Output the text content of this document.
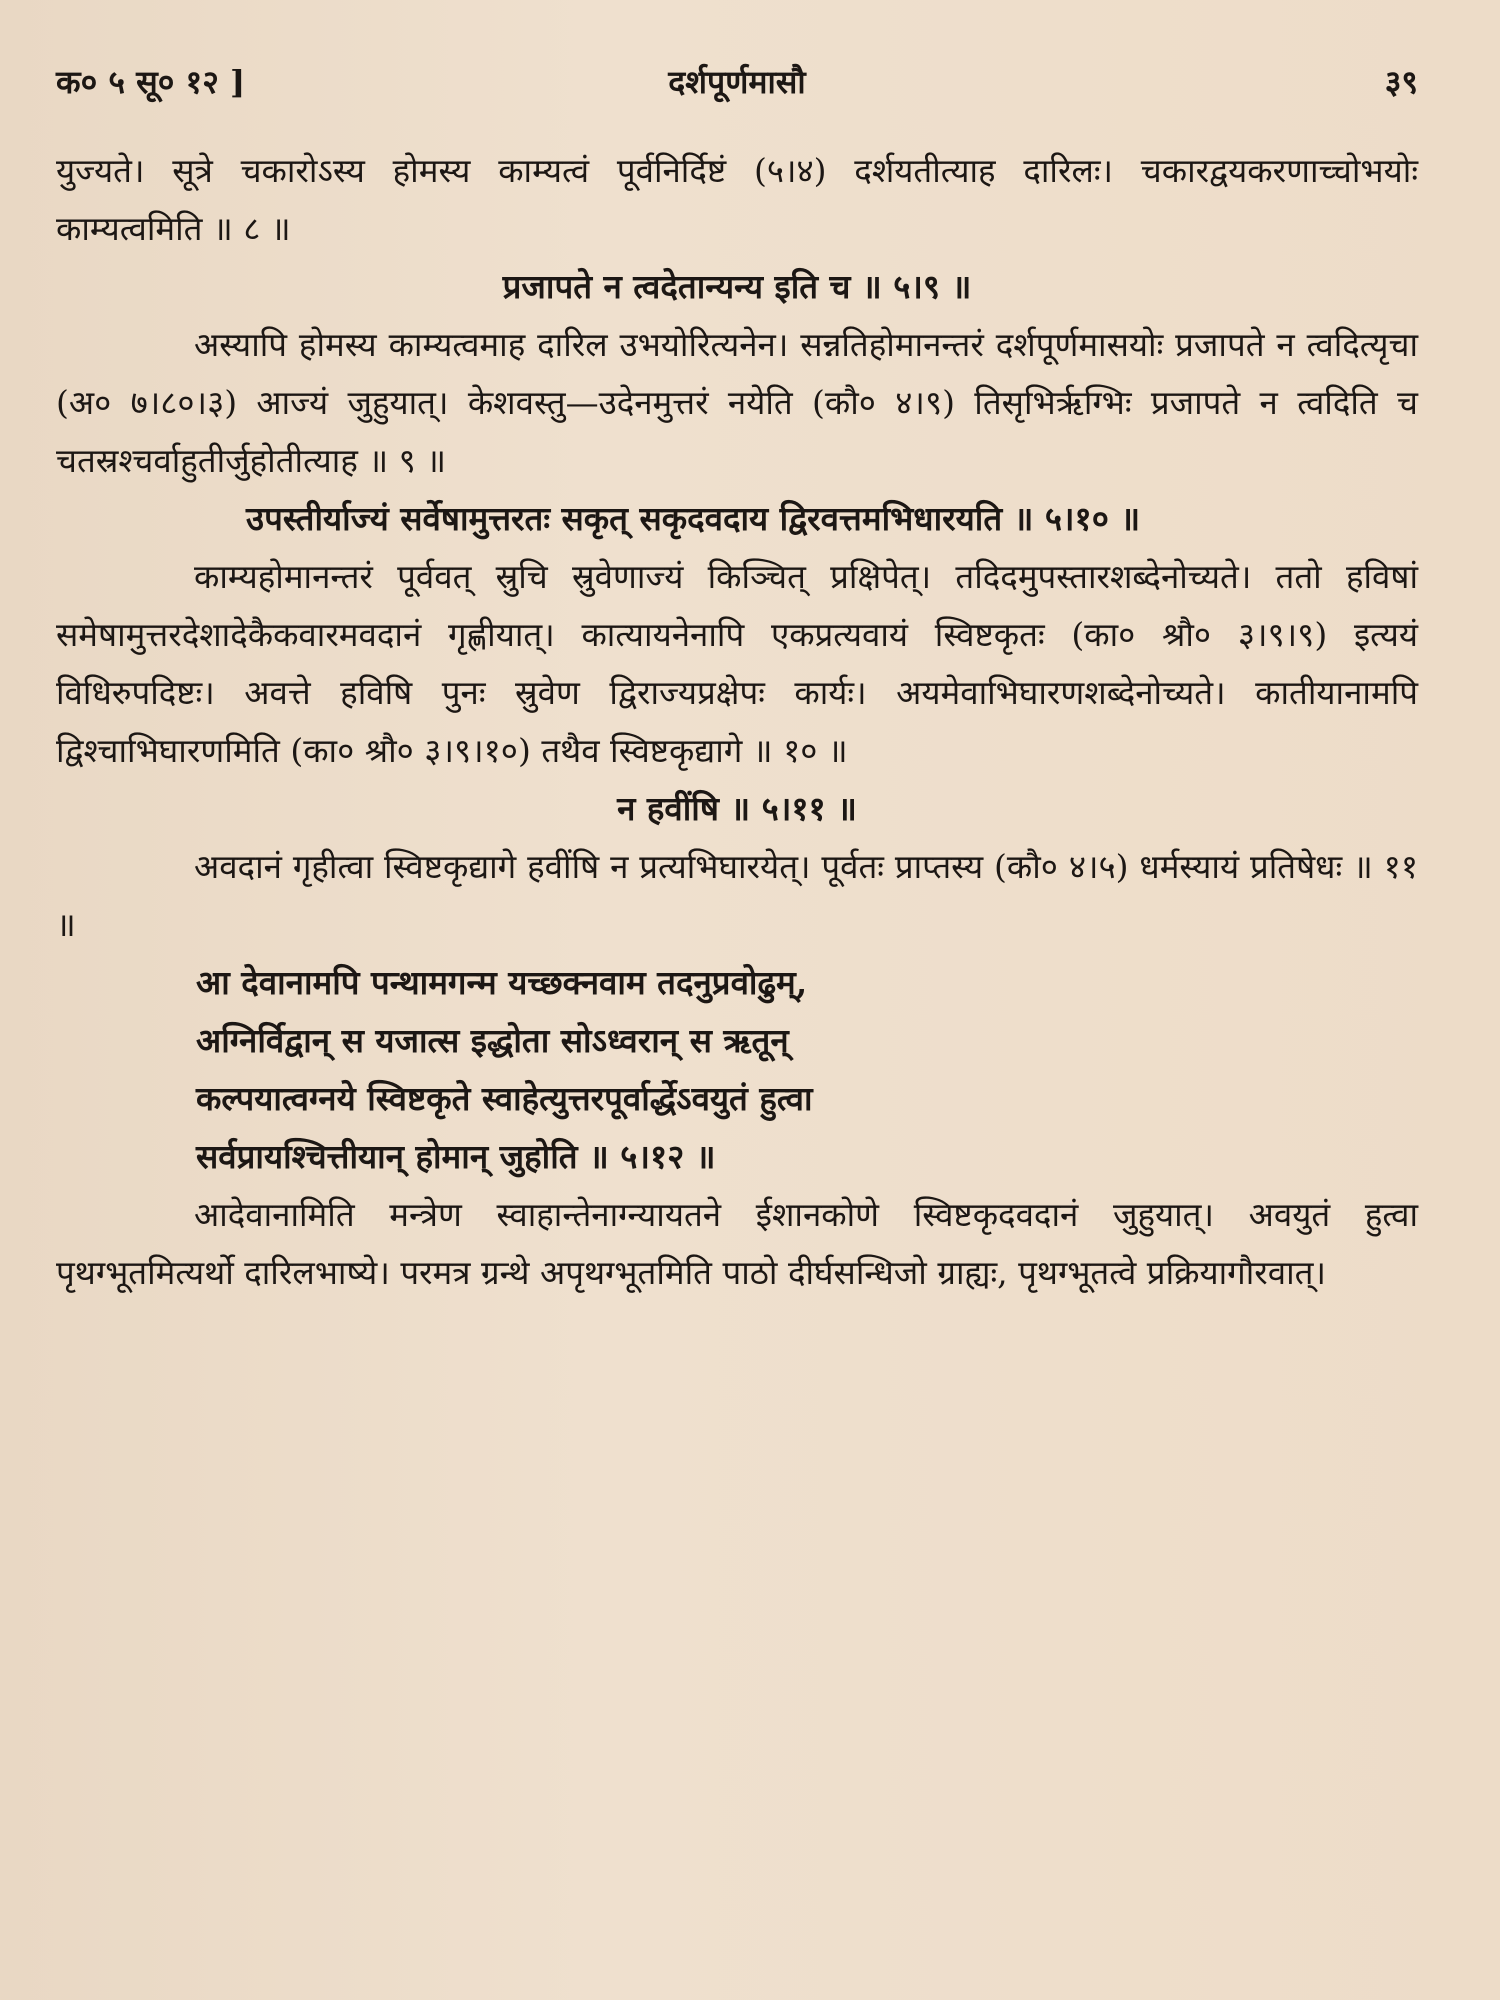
क० ५ सू० १२ ]	दर्शपूर्णमासौ	३९

युज्यते। सूत्रे चकारोऽस्य होमस्य काम्यत्वं पूर्वनिर्दिष्टं (५।४) दर्शयतीत्याह दारिलः। चकारद्वयकरणाच्चोभयोः काम्यत्वमिति ॥ ८ ॥

प्रजापते न त्वदेतान्यन्य इति च ॥ ५।९ ॥

अस्यापि होमस्य काम्यत्वमाह दारिल उभयोरित्यनेन। सन्नतिहोमानन्तरं दर्शपूर्णमासयोः प्रजापते न त्वदित्यृचा (अ० ७।८०।३) आज्यं जुहुयात्। केशवस्तु—उदेनमुत्तरं नयेति (कौ० ४।९) तिसृभिर्ऋग्भिः प्रजापते न त्वदिति च चतस्रश्चर्वाहुतीर्जुहोतीत्याह ॥ ९ ॥

उपस्तीर्याज्यं सर्वेषामुत्तरतः सकृत् सकृदवदाय द्विरवत्तमभिधारयति ॥ ५।१० ॥

काम्यहोमानन्तरं पूर्ववत् स्रुचि स्रुवेणाज्यं किञ्चित् प्रक्षिपेत्। तदिदमुपस्तारशब्देनोच्यते। ततो हविषां समेषामुत्तरदेशादेकैकवारमवदानं गृह्णीयात्। कात्यायनेनापि एकप्रत्यवायं स्विष्टकृतः (का० श्रौ० ३।९।९) इत्ययं विधिरुपदिष्टः। अवत्ते हविषि पुनः स्रुवेण द्विराज्यप्रक्षेपः कार्यः। अयमेवाभिघारणशब्देनोच्यते। कातीयानामपि द्विश्चाभिघारणमिति (का० श्रौ० ३।९।१०) तथैव स्विष्टकृद्यागे ॥ १० ॥

न हवींषि ॥ ५।११ ॥

अवदानं गृहीत्वा स्विष्टकृद्यागे हवींषि न प्रत्यभिघारयेत्। पूर्वतः प्राप्तस्य (कौ० ४।५) धर्मस्यायं प्रतिषेधः ॥ ११ ॥

आ देवानामपि पन्थामगन्म यच्छक्नवाम तदनुप्रवोढुम्,
अग्निर्विद्वान् स यजात्स इद्धोता सोऽध्वरान् स ऋतून्
कल्पयात्वग्नये स्विष्टकृते स्वाहेत्युत्तरपूर्वार्द्धेऽवयुतं हुत्वा
सर्वप्रायश्चित्तीयान् होमान् जुहोति ॥ ५।१२ ॥

आदेवानामिति मन्त्रेण स्वाहान्तेनाग्न्यायतने ईशानकोणे स्विष्टकृदवदानं जुहुयात्। अवयुतं हुत्वा पृथग्भूतमित्यर्थो दारिलभाष्ये। परमत्र ग्रन्थे अपृथग्भूतमिति पाठो दीर्घसन्धिजो ग्राह्यः, पृथग्भूतत्वे प्रक्रियागौरवात्।
